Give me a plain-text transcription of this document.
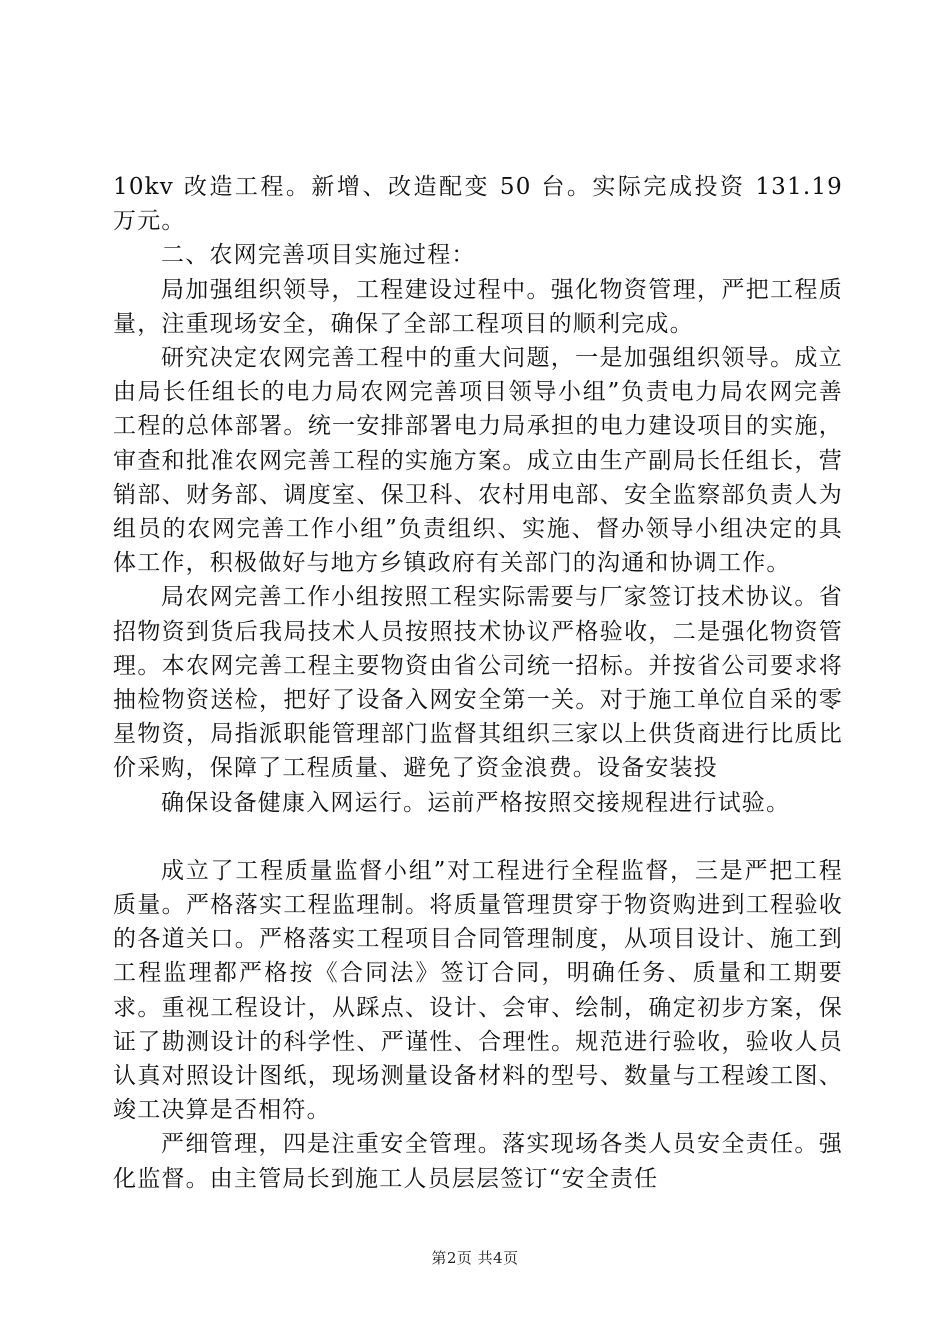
10kv 改造工程。新增、改造配变 50 台。实际完成投资 131.19 万元。

二、农网完善项目实施过程：

局加强组织领导，工程建设过程中。强化物资管理，严把工程质量，注重现场安全，确保了全部工程项目的顺利完成。

研究决定农网完善工程中的重大问题，一是加强组织领导。成立由局长任组长的电力局农网完善项目领导小组”负责电力局农网完善工程的总体部署。统一安排部署电力局承担的电力建设项目的实施，审查和批准农网完善工程的实施方案。成立由生产副局长任组长，营销部、财务部、调度室、保卫科、农村用电部、安全监察部负责人为组员的农网完善工作小组”负责组织、实施、督办领导小组决定的具体工作，积极做好与地方乡镇政府有关部门的沟通和协调工作。

局农网完善工作小组按照工程实际需要与厂家签订技术协议。省招物资到货后我局技术人员按照技术协议严格验收，二是强化物资管理。本农网完善工程主要物资由省公司统一招标。并按省公司要求将抽检物资送检，把好了设备入网安全第一关。对于施工单位自采的零星物资，局指派职能管理部门监督其组织三家以上供货商进行比质比价采购，保障了工程质量、避免了资金浪费。设备安装投

确保设备健康入网运行。运前严格按照交接规程进行试验。

成立了工程质量监督小组”对工程进行全程监督，三是严把工程质量。严格落实工程监理制。将质量管理贯穿于物资购进到工程验收的各道关口。严格落实工程项目合同管理制度，从项目设计、施工到工程监理都严格按《合同法》签订合同，明确任务、质量和工期要求。重视工程设计，从踩点、设计、会审、绘制，确定初步方案，保证了勘测设计的科学性、严谨性、合理性。规范进行验收，验收人员认真对照设计图纸，现场测量设备材料的型号、数量与工程竣工图、竣工决算是否相符。

严细管理，四是注重安全管理。落实现场各类人员安全责任。强化监督。由主管局长到施工人员层层签订“安全责任

第2页 共4页
